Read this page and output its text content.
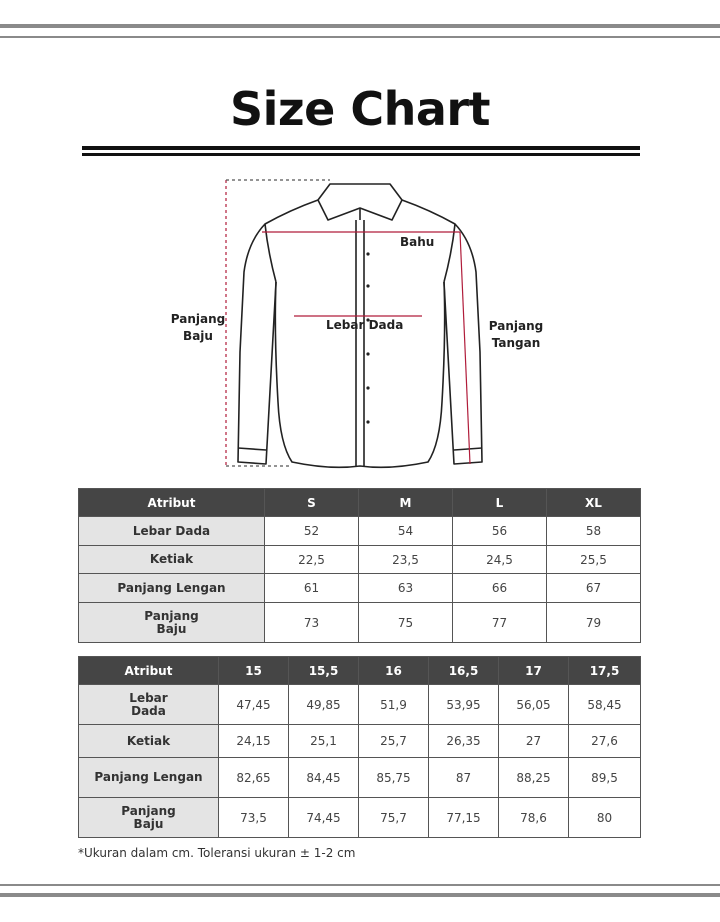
Size Chart
Bahu
Lebar Dada
Panjang Baju
Panjang Tangan
Atribut	S	M	L	XL
Lebar Dada	52	54	56	58
Ketiak	22,5	23,5	24,5	25,5
Panjang Lengan	61	63	66	67
Panjang Baju	73	75	77	79
Atribut	15	15,5	16	16,5	17	17,5
Lebar Dada	47,45	49,85	51,9	53,95	56,05	58,45
Ketiak	24,15	25,1	25,7	26,35	27	27,6
Panjang Lengan	82,65	84,45	85,75	87	88,25	89,5
Panjang Baju	73,5	74,45	75,7	77,15	78,6	80
*Ukuran dalam cm. Toleransi ukuran ± 1-2 cm
